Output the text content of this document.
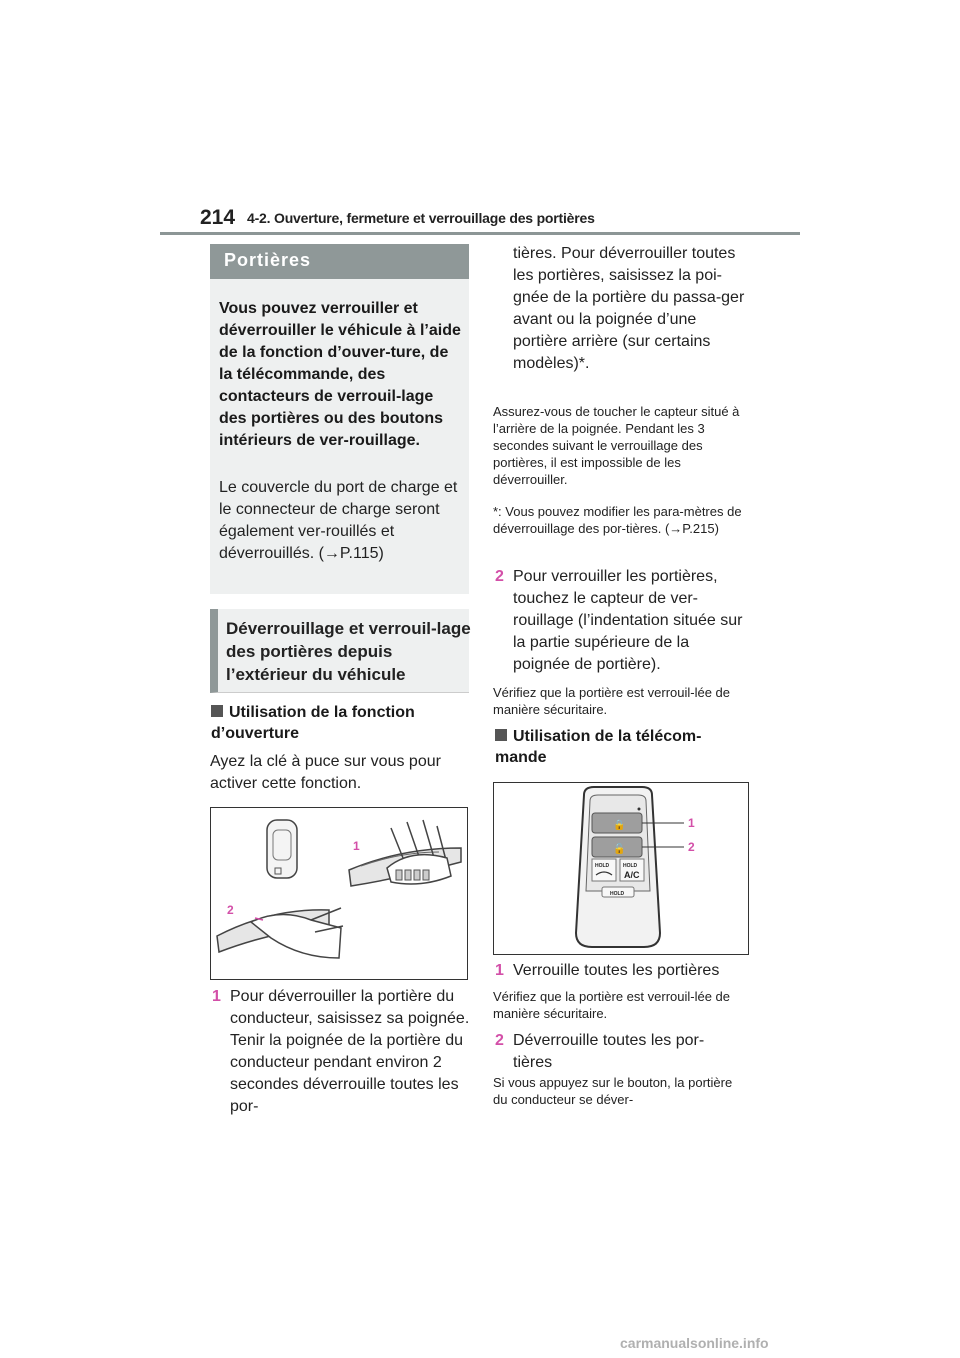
214 4-2. Ouverture, fermeture et verrouillage des portières
Portières
Vous pouvez verrouiller et déverrouiller le véhicule à l’aide de la fonction d’ouver-ture, de la télécommande, des contacteurs de verrouil-lage des portières ou des boutons intérieurs de ver-rouillage.
Le couvercle du port de charge et le connecteur de charge seront également ver-rouillés et déverrouillés. (→P.115)
Déverrouillage et verrouil-lage des portières depuis l’extérieur du véhicule
Utilisation de la fonction d’ouverture
Ayez la clé à puce sur vous pour activer cette fonction.
1
2
1 Pour déverrouiller la portière du conducteur, saisissez sa poignée. Tenir la poignée de la portière du conducteur pendant environ 2 secondes déverrouille toutes les por-
tières. Pour déverrouiller toutes les portières, saisissez la poi-gnée de la portière du passa-ger avant ou la poignée d’une portière arrière (sur certains modèles)*.
Assurez-vous de toucher le capteur situé à l’arrière de la poignée. Pendant les 3 secondes suivant le verrouillage des portières, il est impossible de les déverrouiller.
*: Vous pouvez modifier les para-mètres de déverrouillage des por-tières. (→P.215)
2 Pour verrouiller les portières, touchez le capteur de ver-rouillage (l’indentation située sur la partie supérieure de la poignée de portière).
Vérifiez que la portière est verrouil-lée de manière sécuritaire.
Utilisation de la télécom-mande
🔒
🔓
HOLD	HOLD
A/C
HOLD
1
2
1 Verrouille toutes les portières
Vérifiez que la portière est verrouil-lée de manière sécuritaire.
2 Déverrouille toutes les por-tières
Si vous appuyez sur le bouton, la portière du conducteur se déver-
carmanualsonline.info
